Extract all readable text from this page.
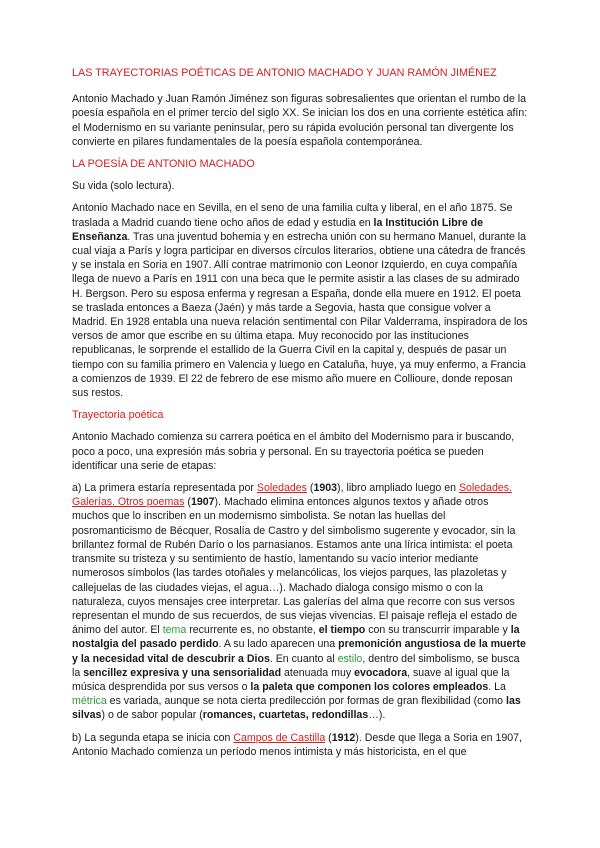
LAS TRAYECTORIAS POÉTICAS DE ANTONIO MACHADO Y JUAN RAMÓN JIMÉNEZ

Antonio Machado y Juan Ramón Jiménez son figuras sobresalientes que orientan el rumbo de la poesía española en el primer tercio del siglo XX. Se inician los dos en una corriente estética afín: el Modernismo en su variante peninsular, pero su rápida evolución personal tan divergente los convierte en pilares fundamentales de la poesía española contemporánea.

LA POESÍA DE ANTONIO MACHADO

Su vida (solo lectura).

Antonio Machado nace en Sevilla, en el seno de una familia culta y liberal, en el año 1875. Se traslada a Madrid cuando tiene ocho años de edad y estudia en la Institución Libre de Enseñanza. Tras una juventud bohemia y en estrecha unión con su hermano Manuel, durante la cual viaja a París y logra participar en diversos círculos literarios, obtiene una cátedra de francés y se instala en Soria en 1907. Allí contrae matrimonio con Leonor Izquierdo, en cuya compañía llega de nuevo a París en 1911 con una beca que le permite asistir a las clases de su admirado H. Bergson. Pero su esposa enferma y regresan a España, donde ella muere en 1912. El poeta se traslada entonces a Baeza (Jaén) y más tarde a Segovia, hasta que consigue volver a Madrid. En 1928 entabla una nueva relación sentimental con Pilar Valderrama, inspiradora de los versos de amor que escribe en su última etapa. Muy reconocido por las instituciones republicanas, le sorprende el estallido de la Guerra Civil en la capital y, después de pasar un tiempo con su familia primero en Valencia y luego en Cataluña, huye, ya muy enfermo, a Francia a comienzos de 1939. El 22 de febrero de ese mismo año muere en Collioure, donde reposan sus restos.

Trayectoria poética

Antonio Machado comienza su carrera poética en el ámbito del Modernismo para ir buscando, poco a poco, una expresión más sobria y personal. En su trayectoria poética se pueden identificar una serie de etapas:

a) La primera estaría representada por Soledades (1903), libro ampliado luego en Soledades. Galerías. Otros poemas (1907). Machado elimina entonces algunos textos y añade otros muchos que lo inscriben en un modernismo simbolista. Se notan las huellas del posromanticismo de Bécquer, Rosalía de Castro y del simbolismo sugerente y evocador, sin la brillantez formal de Rubén Darío o los parnasianos. Estamos ante una lírica intimista: el poeta transmite su tristeza y su sentimiento de hastío, lamentando su vacío interior mediante numerosos símbolos (las tardes otoñales y melancólicas, los viejos parques, las plazoletas y callejuelas de las ciudades viejas, el agua…). Machado dialoga consigo mismo o con la naturaleza, cuyos mensajes cree interpretar. Las galerías del alma que recorre con sus versos representan el mundo de sus recuerdos, de sus viejas vivencias. El paisaje refleja el estado de ánimo del autor. El tema recurrente es, no obstante, el tiempo con su transcurrir imparable y la nostalgia del pasado perdido. A su lado aparecen una premonición angustiosa de la muerte y la necesidad vital de descubrir a Dios. En cuanto al estilo, dentro del simbolismo, se busca la sencillez expresiva y una sensorialidad atenuada muy evocadora, suave al igual que la música desprendida por sus versos o la paleta que componen los colores empleados. La métrica es variada, aunque se nota cierta predilección por formas de gran flexibilidad (como las silvas) o de sabor popular (romances, cuartetas, redondillas…).

b) La segunda etapa se inicia con Campos de Castilla (1912). Desde que llega a Soria en 1907, Antonio Machado comienza un período menos intimista y más historicista, en el que
